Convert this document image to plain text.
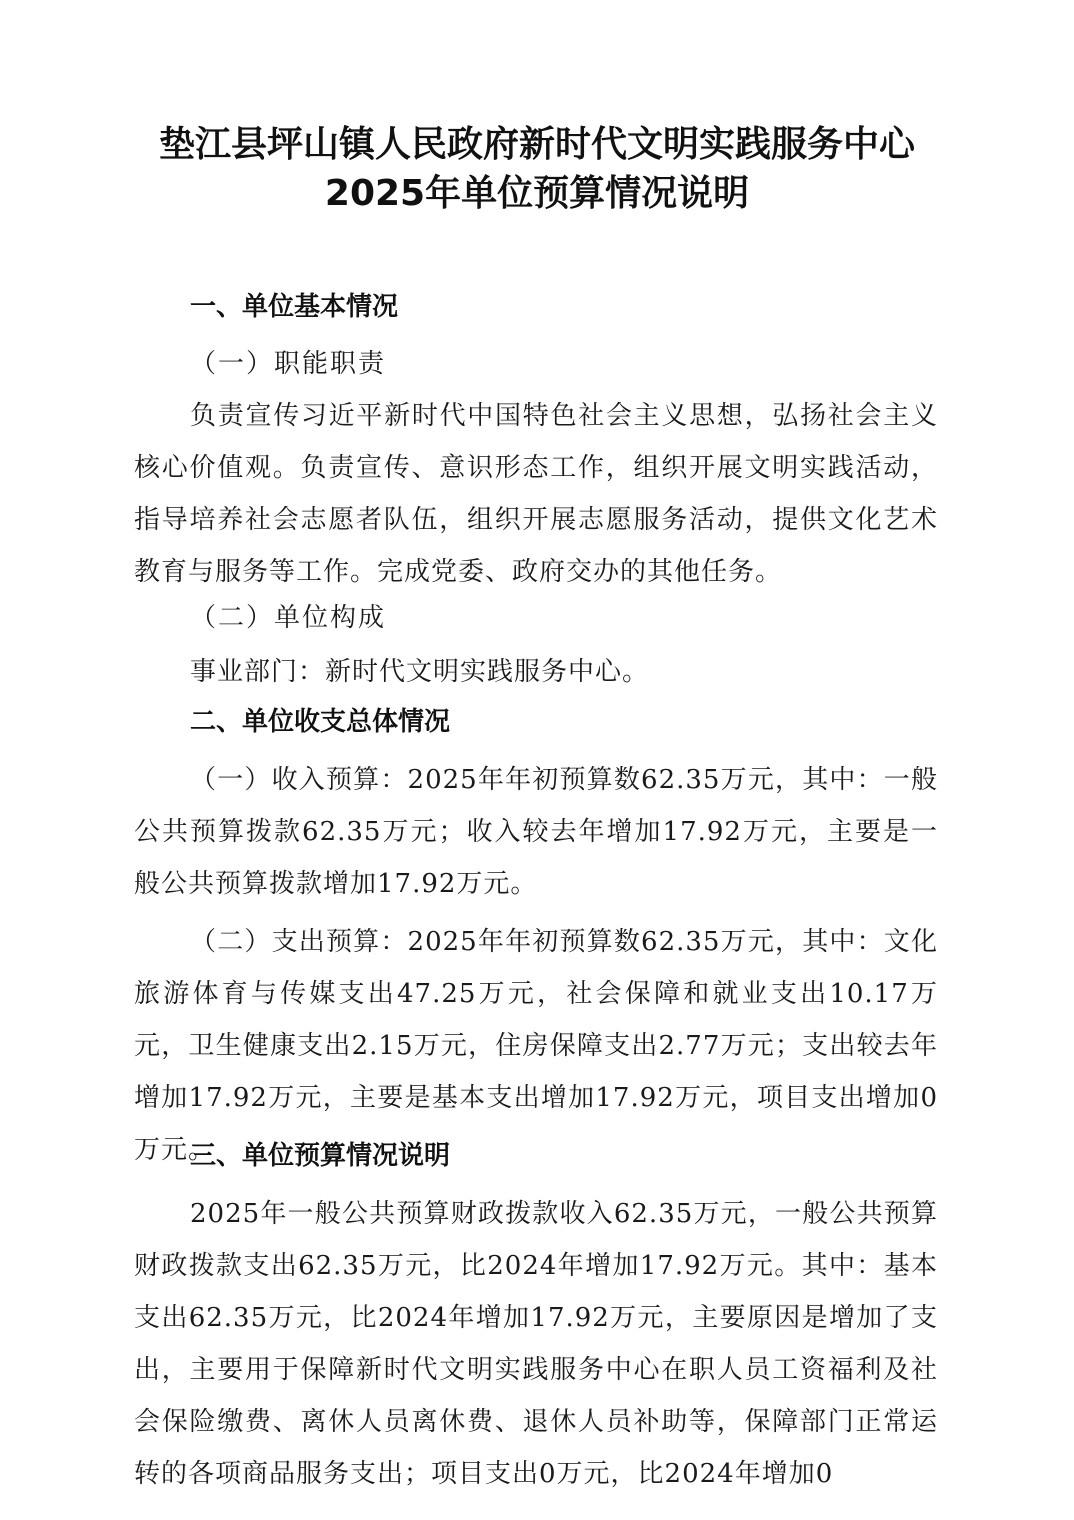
垫江县坪山镇人民政府新时代文明实践服务中心
2025年单位预算情况说明
一、单位基本情况
（一）职能职责

负责宣传习近平新时代中国特色社会主义思想，弘扬社会主义核心价值观。负责宣传、意识形态工作，组织开展文明实践活动，指导培养社会志愿者队伍，组织开展志愿服务活动，提供文化艺术教育与服务等工作。完成党委、政府交办的其他任务。

（二）单位构成
事业部门：新时代文明实践服务中心。
二、单位收支总体情况

（一）收入预算：2025年年初预算数62.35万元，其中：一般公共预算拨款62.35万元；收入较去年增加17.92万元，主要是一般公共预算拨款增加17.92万元。

（二）支出预算：2025年年初预算数62.35万元，其中：文化旅游体育与传媒支出47.25万元，社会保障和就业支出10.17万元，卫生健康支出2.15万元，住房保障支出2.77万元；支出较去年增加17.92万元，主要是基本支出增加17.92万元，项目支出增加0万元。

三、单位预算情况说明

2025年一般公共预算财政拨款收入62.35万元，一般公共预算财政拨款支出62.35万元，比2024年增加17.92万元。其中：基本支出62.35万元，比2024年增加17.92万元，主要原因是增加了支出，主要用于保障新时代文明实践服务中心在职人员工资福利及社会保险缴费、离休人员离休费、退休人员补助等，保障部门正常运转的各项商品服务支出；项目支出0万元，比2024年增加0
